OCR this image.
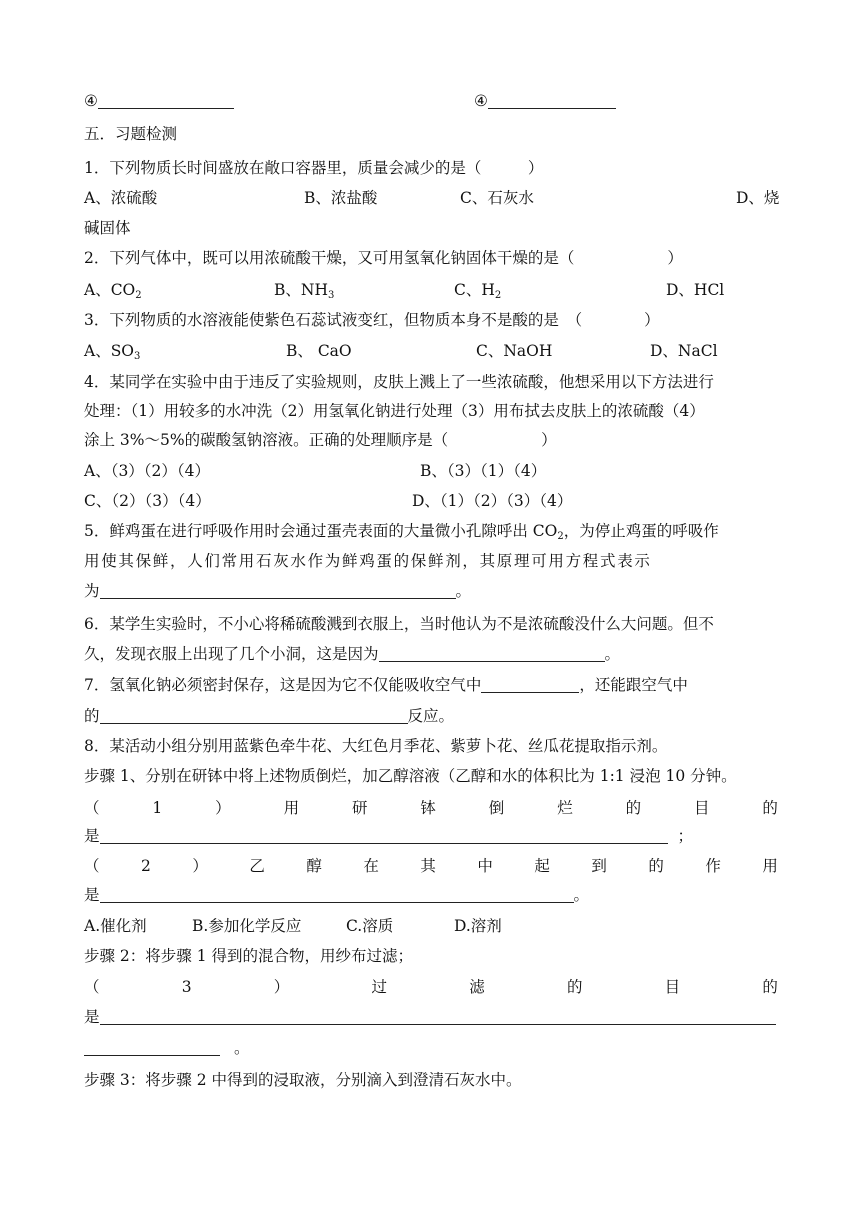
④	④
五．习题检测
1．下列物质长时间盛放在敞口容器里，质量会减少的是（　　　）
A、浓硫酸	B、浓盐酸	C、石灰水	D、烧
碱固体
2．下列气体中，既可以用浓硫酸干燥，又可用氢氧化钠固体干燥的是（　　　　　　）
A、$CO_2$	B、$NH_3$	C、$H_2$	D、HCl
3．下列物质的水溶液能使紫色石蕊试液变红，但物质本身不是酸的是　（　　　　）
A、$SO_3$	B、 CaO	C、NaOH	D、NaCl
4．某同学在实验中由于违反了实验规则，皮肤上溅上了一些浓硫酸，他想采用以下方法进行
处理：（1）用较多的水冲洗（2）用氢氧化钠进行处理（3）用布拭去皮肤上的浓硫酸（4）
涂上 3%～5%的碳酸氢钠溶液。正确的处理顺序是（　　　　　　）
A、（3）（2）（4）	B、（3）（1）（4）
C、（2）（3）（4）	D、（1）（2）（3）（4）
5．鲜鸡蛋在进行呼吸作用时会通过蛋壳表面的大量微小孔隙呼出 $CO_2$，为停止鸡蛋的呼吸作
用使其保鲜，人们常用石灰水作为鲜鸡蛋的保鲜剂，其原理可用方程式表示
为	。
6．某学生实验时，不小心将稀硫酸溅到衣服上，当时他认为不是浓硫酸没什么大问题。但不
久，发现衣服上出现了几个小洞，这是因为	。
7．氢氧化钠必须密封保存，这是因为它不仅能吸收空气中	，还能跟空气中
的	反应。
8．某活动小组分别用蓝紫色牵牛花、大红色月季花、紫萝卜花、丝瓜花提取指示剂。
步骤 1、分别在研钵中将上述物质倒烂，加乙醇溶液（乙醇和水的体积比为 1:1 浸泡 10 分钟。
（	1	）	用	研	钵	倒	烂	的	目	的
是	；
（	2	）	乙	醇	在	其	中	起	到	的	作	用
是	。
A.催化剂	B.参加化学反应	C.溶质	D.溶剂
步骤 2：将步骤 1 得到的混合物，用纱布过滤；
（	3	）	过	滤	的	目	的
是
。
步骤 3：将步骤 2 中得到的浸取液，分别滴入到澄清石灰水中。
